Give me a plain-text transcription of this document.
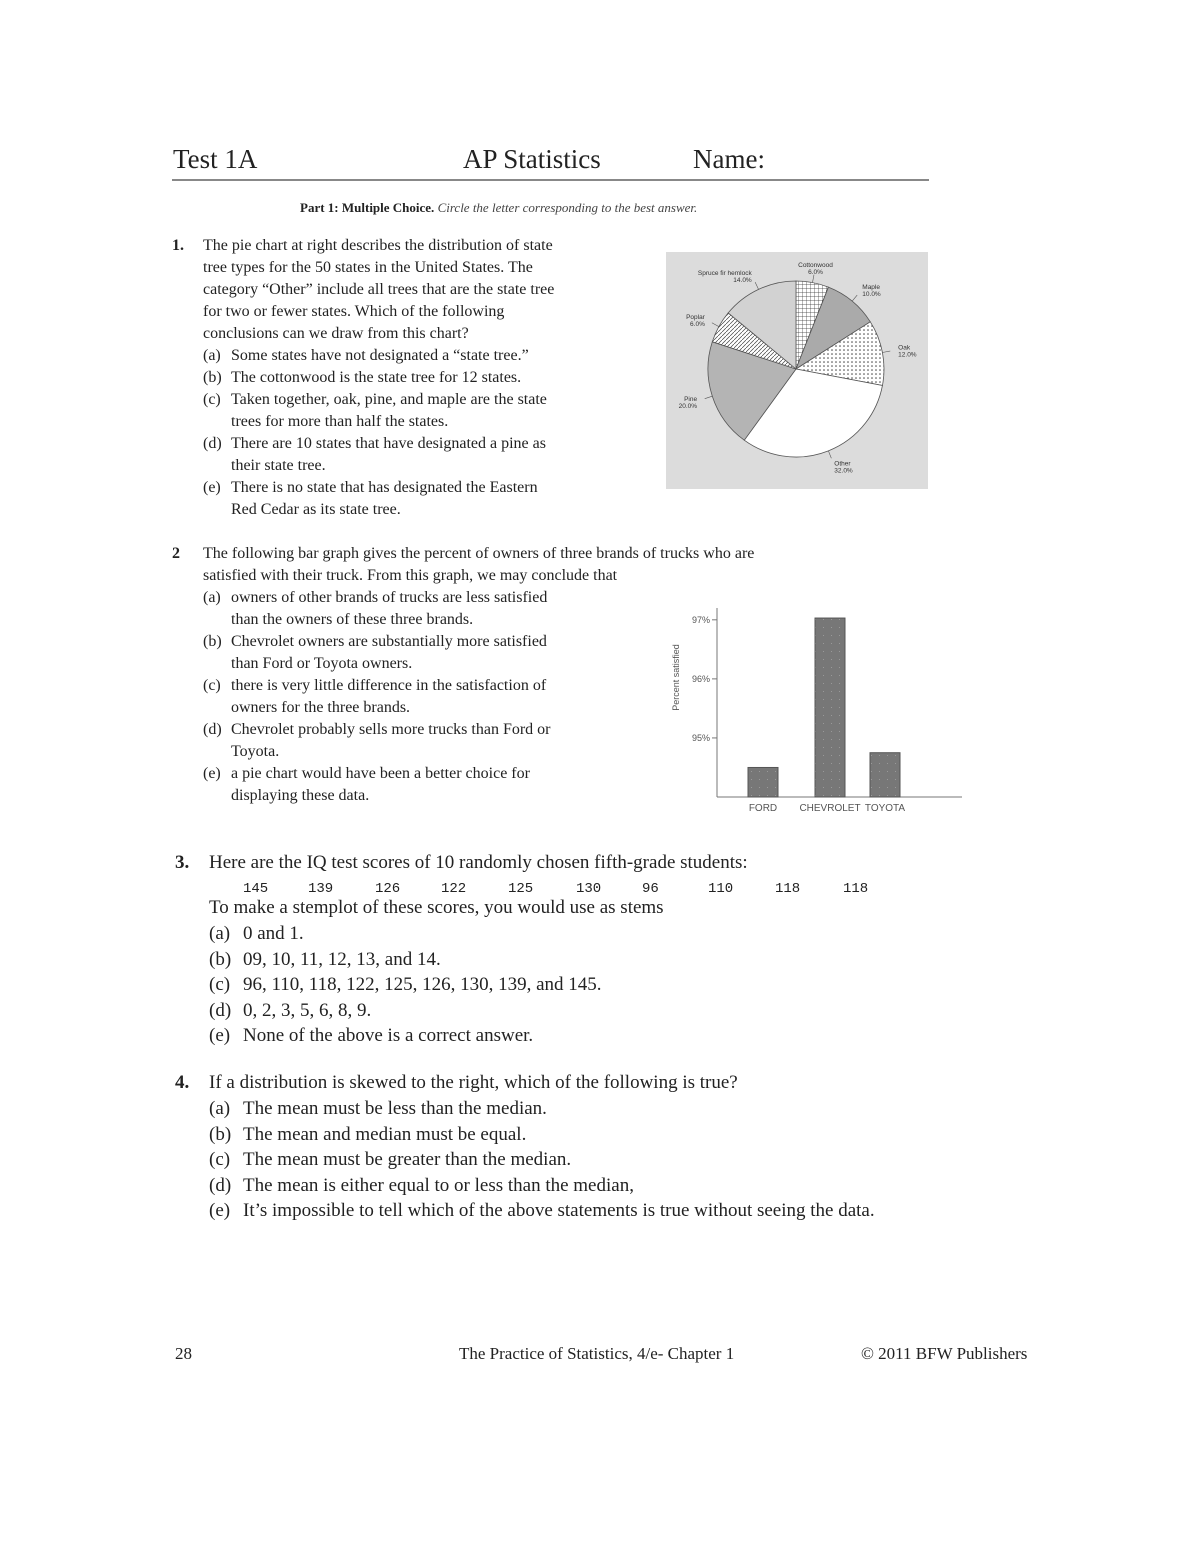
Test 1A	AP Statistics	Name:
Part 1: Multiple Choice. Circle the letter corresponding to the best answer.
1. The pie chart at right describes the distribution of state
tree types for the 50 states in the United States. The
category “Other” include all trees that are the state tree
for two or fewer states. Which of the following
conclusions can we draw from this chart?
(a) Some states have not designated a “state tree.”
(b) The cottonwood is the state tree for 12 states.
(c) Taken together, oak, pine, and maple are the state
trees for more than half the states.
(d) There are 10 states that have designated a pine as
their state tree.
(e) There is no state that has designated the Eastern
Red Cedar as its state tree.
Cottonwood
6.0%
Maple
10.0%
Oak
12.0%
Other
32.0%
Pine
20.0%
Poplar
6.0%
Spruce fir hemlock
14.0%
2 The following bar graph gives the percent of owners of three brands of trucks who are
satisfied with their truck. From this graph, we may conclude that
(a) owners of other brands of trucks are less satisfied
than the owners of these three brands.
(b) Chevrolet owners are substantially more satisfied
than Ford or Toyota owners.
(c) there is very little difference in the satisfaction of
owners for the three brands.
(d) Chevrolet probably sells more trucks than Ford or
Toyota.
(e) a pie chart would have been a better choice for
displaying these data.
95%
96%
97%
Percent satisfied
FORD CHEVROLET TOYOTA
3. Here are the IQ test scores of 10 randomly chosen fifth-grade students:
145	139	126	122	125	130	96	110	118	118
To make a stemplot of these scores, you would use as stems
(a) 0 and 1.
(b) 09, 10, 11, 12, 13, and 14.
(c) 96, 110, 118, 122, 125, 126, 130, 139, and 145.
(d) 0, 2, 3, 5, 6, 8, 9.
(e) None of the above is a correct answer.
4. If a distribution is skewed to the right, which of the following is true?
(a) The mean must be less than the median.
(b) The mean and median must be equal.
(c) The mean must be greater than the median.
(d) The mean is either equal to or less than the median,
(e) It’s impossible to tell which of the above statements is true without seeing the data.
28	The Practice of Statistics, 4/e- Chapter 1	© 2011 BFW Publishers
